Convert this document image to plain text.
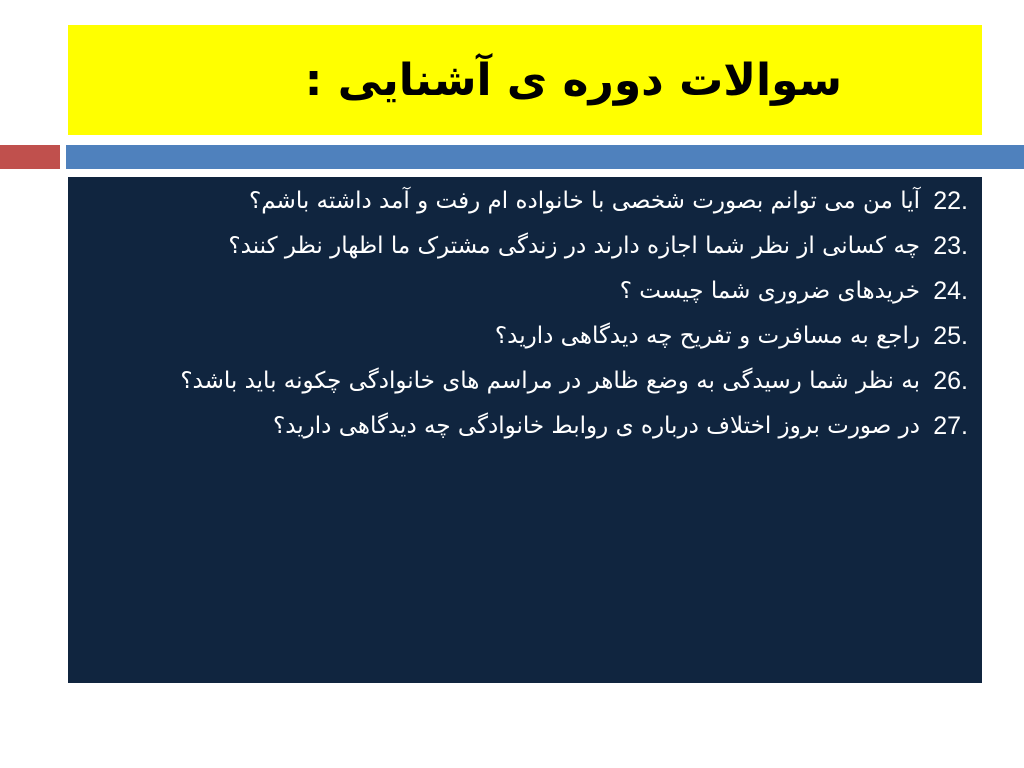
سوالات دوره ی آشنایی :
22.
آیا من می توانم بصورت شخصی با خانواده ام رفت و آمد داشته باشم؟
23.
چه کسانی از نظر شما اجازه دارند در زندگی مشترک ما اظهار نظر کنند؟
24.
خریدهای ضروری شما چیست ؟
25.
راجع به مسافرت و تفریح چه دیدگاهی دارید؟
26.
به نظر شما رسیدگی به وضع ظاهر در مراسم های خانوادگی چکونه باید باشد؟
27.
در صورت بروز اختلاف درباره ی روابط خانوادگی چه دیدگاهی دارید؟
